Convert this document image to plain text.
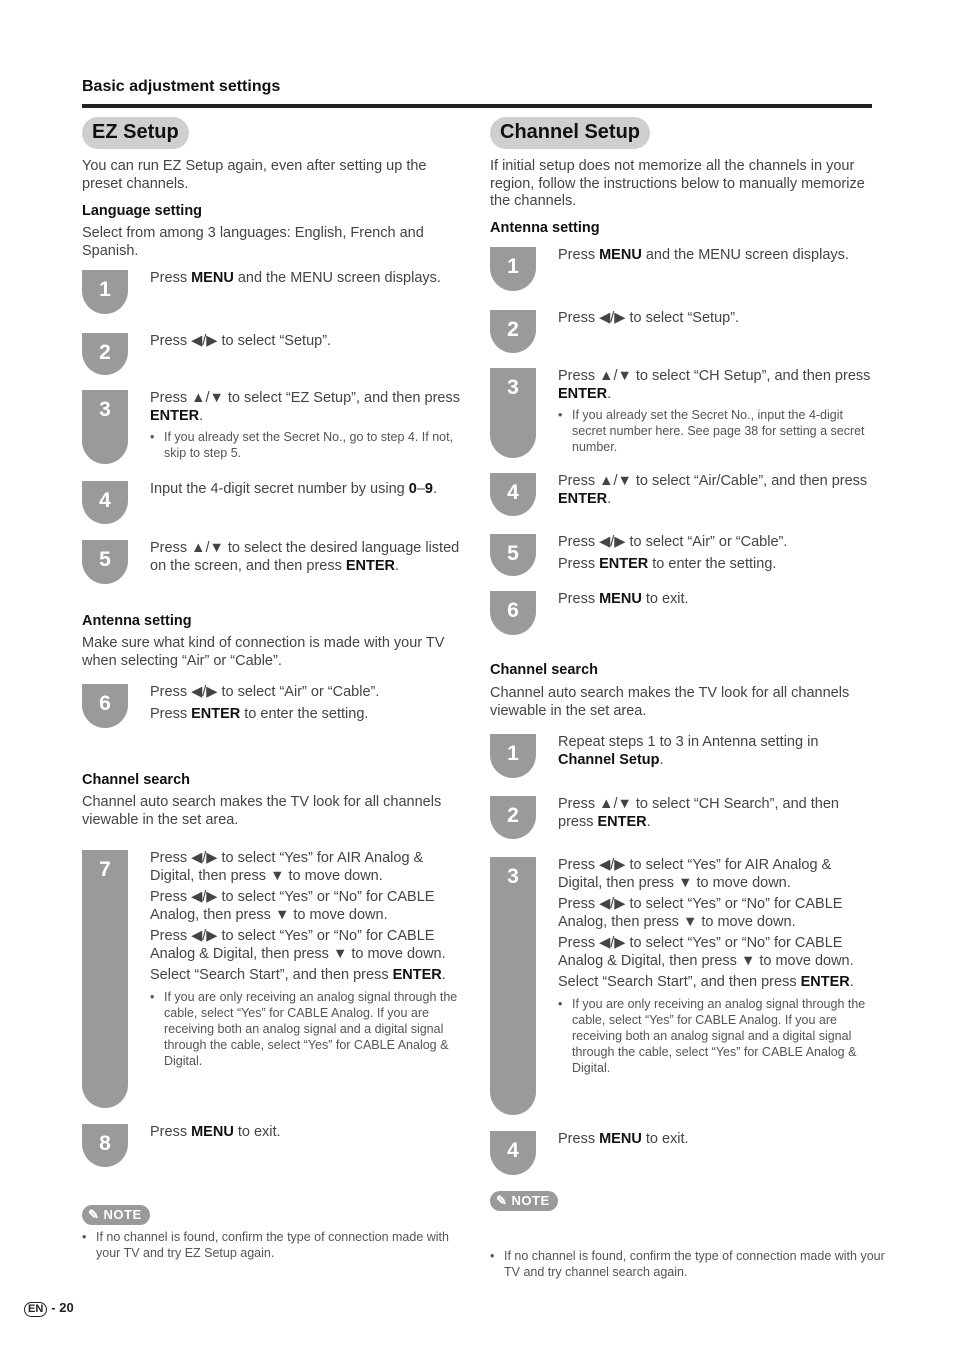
Basic adjustment settings
EZ Setup
You can run EZ Setup again, even after setting up the preset channels.
Language setting
Select from among 3 languages: English, French and Spanish.
1	Press MENU and the MENU screen displays.

2	Press ◀/▶ to select “Setup”.

3	Press ▲/▼ to select “EZ Setup”, and then press ENTER.

• If you already set the Secret No., go to step 4. If not, skip to step 5.
4	Input the 4-digit secret number by using 0–9.

5	Press ▲/▼ to select the desired language listed on the screen, and then press ENTER.

Antenna setting
Make sure what kind of connection is made with your TV when selecting “Air” or “Cable”.
6	Press ◀/▶ to select “Air” or “Cable”.

Press ENTER to enter the setting.

Channel search
Channel auto search makes the TV look for all channels viewable in the set area.
7	Press ◀/▶ to select “Yes” for AIR Analog & Digital, then press ▼ to move down.

Press ◀/▶ to select “Yes” or “No” for CABLE Analog, then press ▼ to move down.

Press ◀/▶ to select “Yes” or “No” for CABLE Analog & Digital, then press ▼ to move down.

Select “Search Start”, and then press ENTER.

• If you are only receiving an analog signal through the cable, select “Yes” for CABLE Analog. If you are receiving both an analog signal and a digital signal through the cable, select “Yes” for CABLE Analog & Digital.
8	Press MENU to exit.

✎ NOTE
• If no channel is found, confirm the type of connection made with your TV and try EZ Setup again.
Channel Setup
If initial setup does not memorize all the channels in your region, follow the instructions below to manually memorize the channels.
Antenna setting
1	Press MENU and the MENU screen displays.

2	Press ◀/▶ to select “Setup”.

3	Press ▲/▼ to select “CH Setup”, and then press ENTER.

• If you already set the Secret No., input the 4-digit secret number here. See page 38 for setting a secret number.
4	Press ▲/▼ to select “Air/Cable”, and then press ENTER.

5	Press ◀/▶ to select “Air” or “Cable”.

Press ENTER to enter the setting.

6	Press MENU to exit.

Channel search
Channel auto search makes the TV look for all channels viewable in the set area.
1	Repeat steps 1 to 3 in Antenna setting in Channel Setup.

2	Press ▲/▼ to select “CH Search”, and then press ENTER.

3	Press ◀/▶ to select “Yes” for AIR Analog & Digital, then press ▼ to move down.

Press ◀/▶ to select “Yes” or “No” for CABLE Analog, then press ▼ to move down.

Press ◀/▶ to select “Yes” or “No” for CABLE Analog & Digital, then press ▼ to move down.

Select “Search Start”, and then press ENTER.

• If you are only receiving an analog signal through the cable, select “Yes” for CABLE Analog. If you are receiving both an analog signal and a digital signal through the cable, select “Yes” for CABLE Analog & Digital.
4	Press MENU to exit.

✎ NOTE
• If no channel is found, confirm the type of connection made with your TV and try channel search again.
EN - 20
